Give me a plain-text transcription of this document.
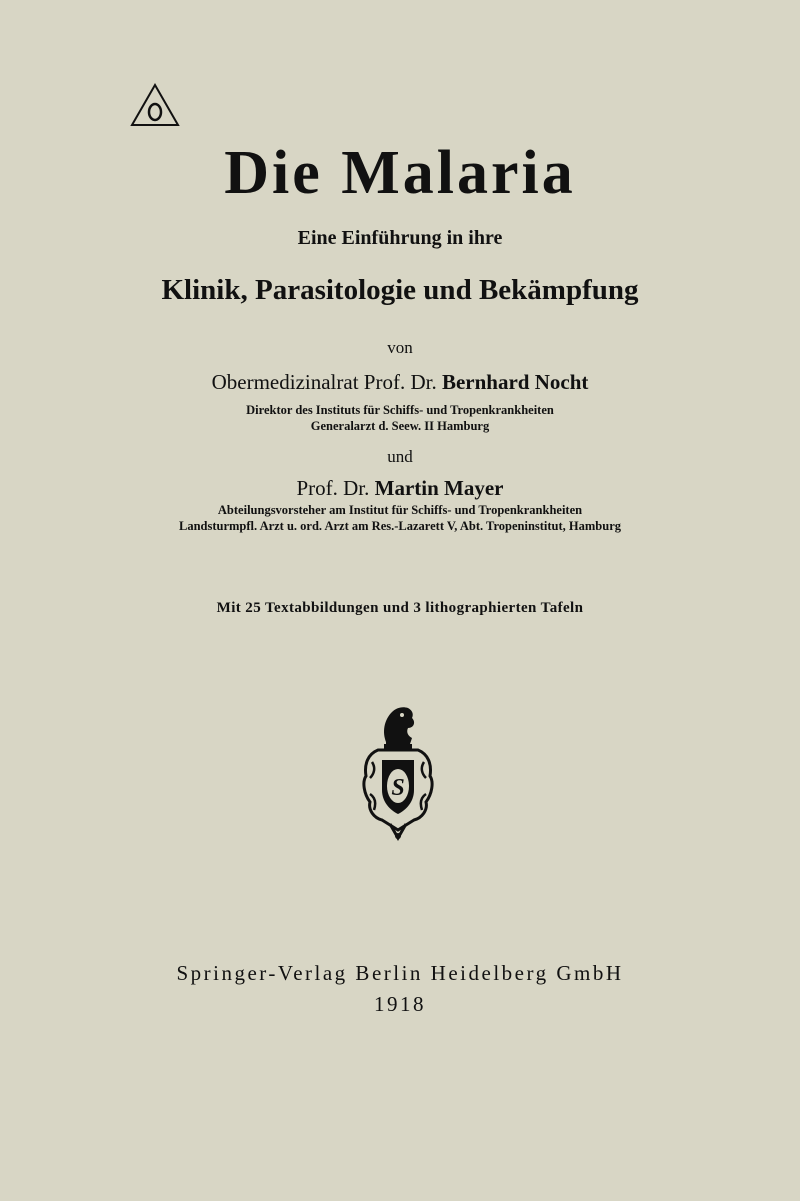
Die Malaria
Eine Einführung in ihre
Klinik, Parasitologie und Bekämpfung
von
Obermedizinalrat Prof. Dr. Bernhard Nocht
Direktor des Instituts für Schiffs- und Tropenkrankheiten
Generalarzt d. Seew. II Hamburg
und
Prof. Dr. Martin Mayer
Abteilungsvorsteher am Institut für Schiffs- und Tropenkrankheiten
Landsturmpfl. Arzt u. ord. Arzt am Res.-Lazarett V, Abt. Tropeninstitut, Hamburg
Mit 25 Textabbildungen und 3 lithographierten Tafeln
S
Springer-Verlag Berlin Heidelberg GmbH
1918
